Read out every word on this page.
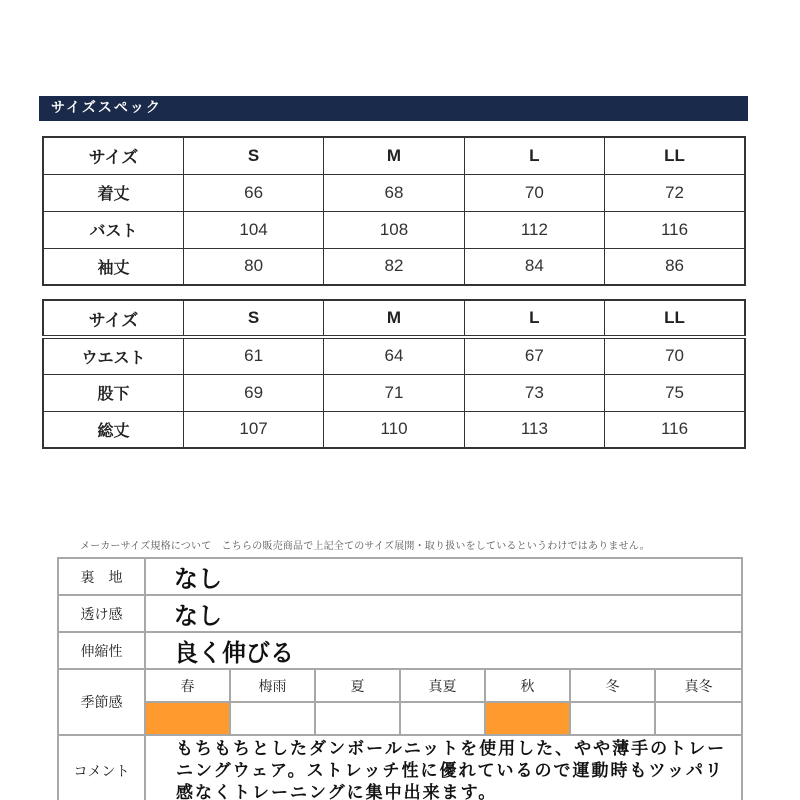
サイズスペック
サイズ	S	M	L	LL
着丈	66	68	70	72
バスト	104	108	112	116
袖丈	80	82	84	86
サイズ	S	M	L	LL
ウエスト	61	64	67	70
股下	69	71	73	75
総丈	107	110	113	116
メーカーサイズ規格について　こちらの販売商品で上記全てのサイズ展開・取り扱いをしているというわけではありません。
裏　地	なし						
透け感	なし						
伸縮性	良く伸びる						
季節感	春	梅雨	夏	真夏	秋	冬	真冬

コメント	もちもちとしたダンボールニットを使用した、やや薄手のトレーニングウェア。ストレッチ性に優れているので運動時もツッパリ感なくトレーニングに集中出来ます。						
